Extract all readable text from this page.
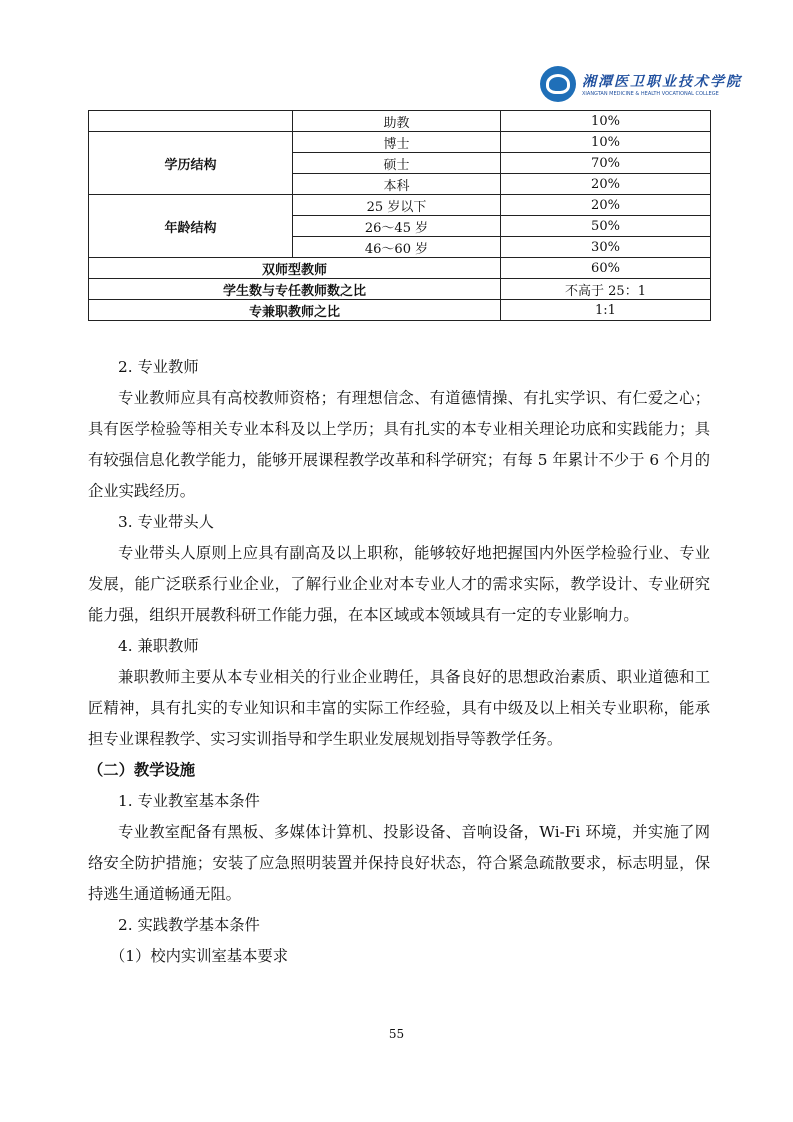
湘潭医卫职业技术学院
XIANGTAN MEDICINE & HEALTH VOCATIONAL COLLEGE
	助教	10%
学历结构	博士	10%
	硕士	70%
	本科	20%
年龄结构	25 岁以下	20%
	26～45 岁	50%
	46～60 岁	30%
双师型教师		60%
学生数与专任教师数之比		不高于 25：1
专兼职教师之比		1:1

2. 专业教师

专业教师应具有高校教师资格；有理想信念、有道德情操、有扎实学识、有仁爱之心；具有医学检验等相关专业本科及以上学历；具有扎实的本专业相关理论功底和实践能力；具有较强信息化教学能力，能够开展课程教学改革和科学研究；有每 5 年累计不少于 6 个月的企业实践经历。

3. 专业带头人

专业带头人原则上应具有副高及以上职称，能够较好地把握国内外医学检验行业、专业发展，能广泛联系行业企业，了解行业企业对本专业人才的需求实际，教学设计、专业研究能力强，组织开展教科研工作能力强，在本区域或本领域具有一定的专业影响力。

4. 兼职教师

兼职教师主要从本专业相关的行业企业聘任，具备良好的思想政治素质、职业道德和工匠精神，具有扎实的专业知识和丰富的实际工作经验，具有中级及以上相关专业职称，能承担专业课程教学、实习实训指导和学生职业发展规划指导等教学任务。

（二）教学设施

1. 专业教室基本条件

专业教室配备有黑板、多媒体计算机、投影设备、音响设备，Wi-Fi 环境，并实施了网络安全防护措施；安装了应急照明装置并保持良好状态，符合紧急疏散要求，标志明显，保持逃生通道畅通无阻。

2. 实践教学基本条件

（1）校内实训室基本要求

55
